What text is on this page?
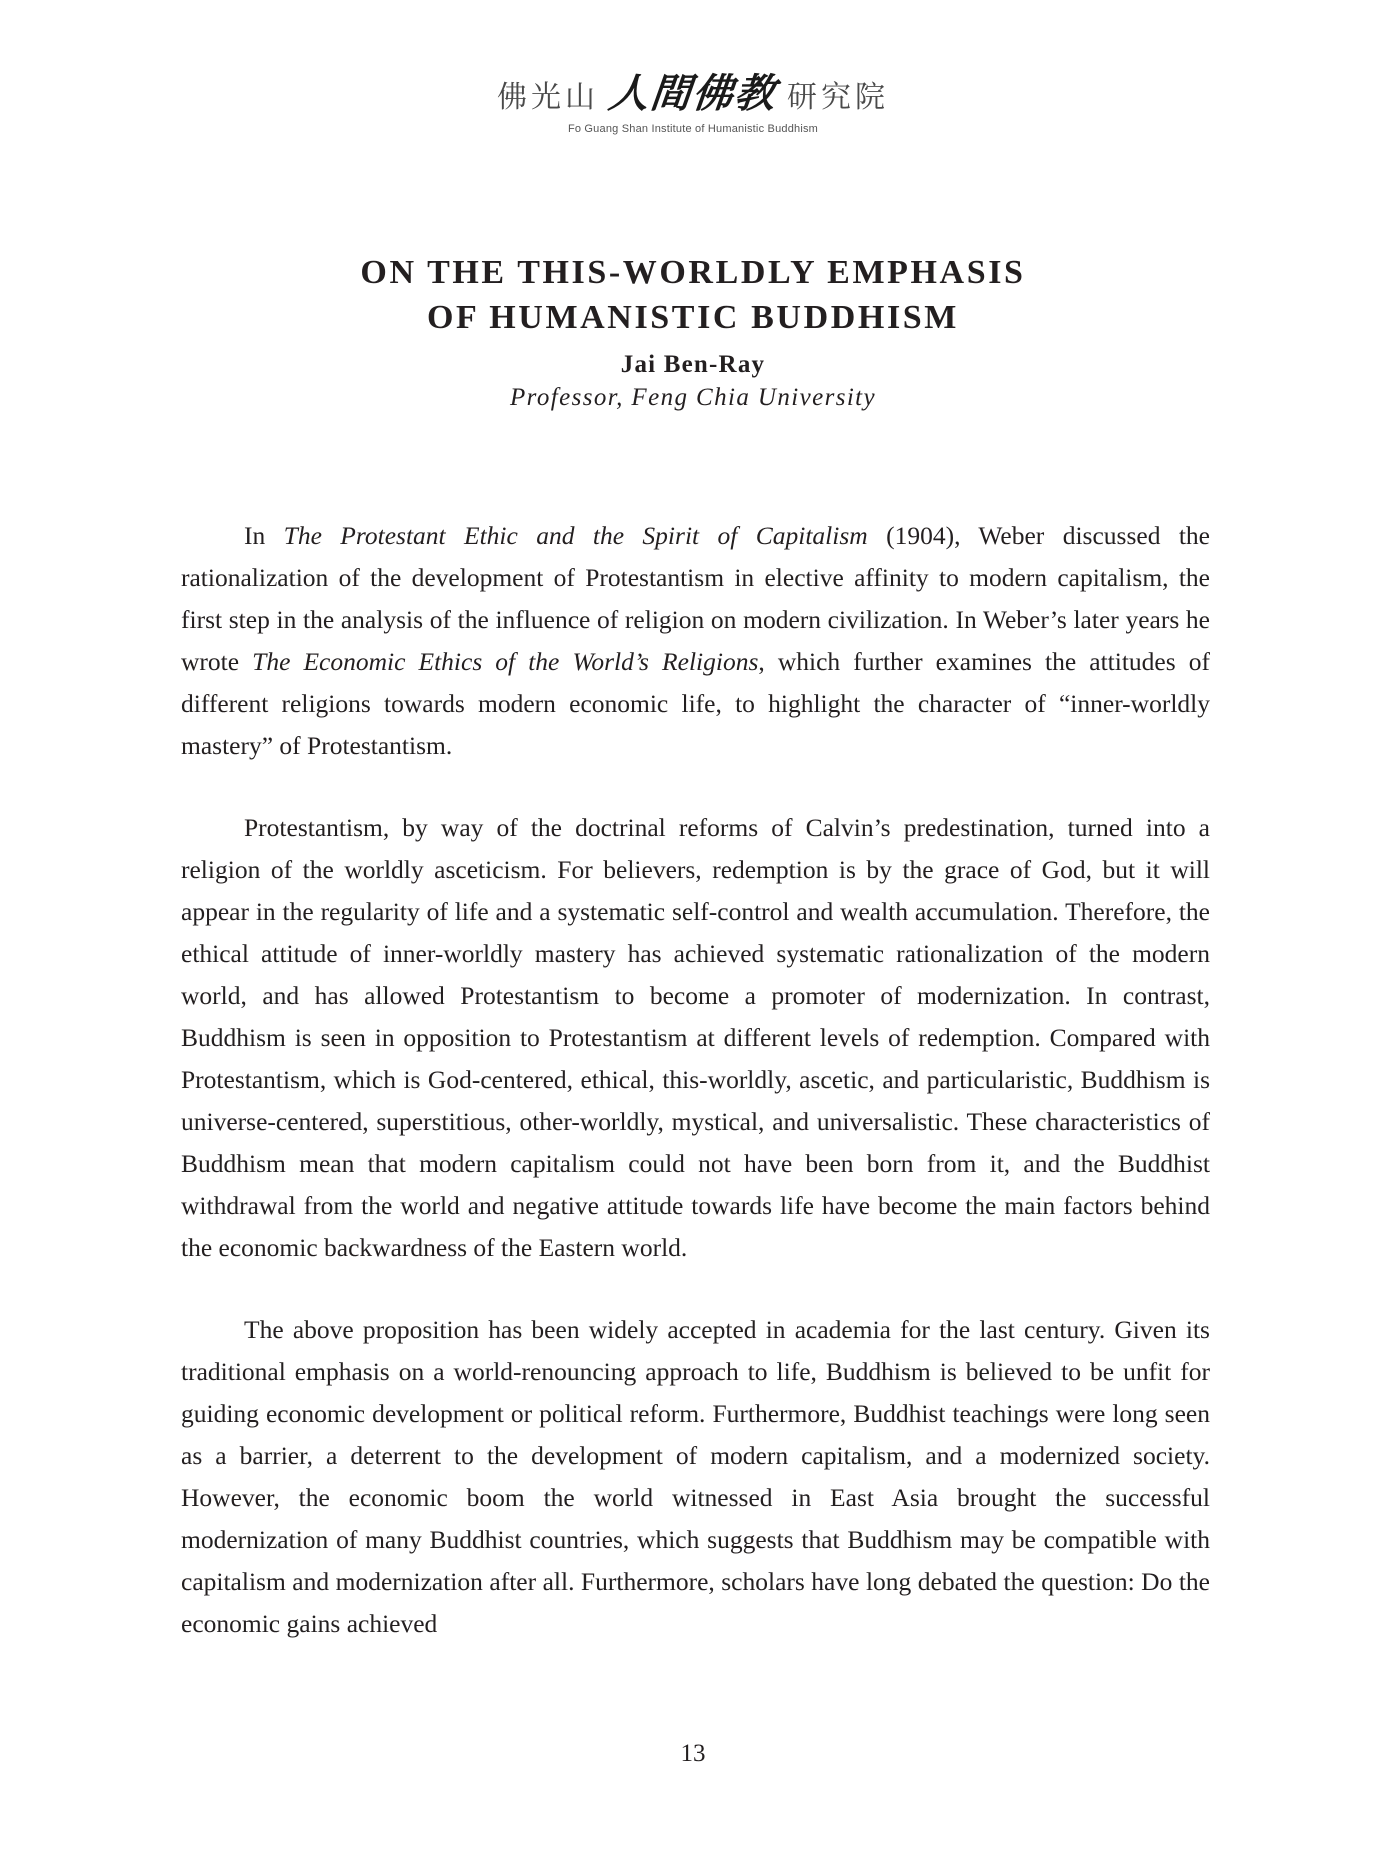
佛光山 人間佛教 研究院
Fo Guang Shan Institute of Humanistic Buddhism
ON THE THIS-WORLDLY EMPHASIS
OF HUMANISTIC BUDDHISM
Jai Ben-Ray
Professor, Feng Chia University

In The Protestant Ethic and the Spirit of Capitalism (1904), Weber discussed the rationalization of the development of Protestantism in elective affinity to modern capitalism, the first step in the analysis of the influence of religion on modern civilization. In Weber’s later years he wrote The Economic Ethics of the World’s Religions, which further examines the attitudes of different religions towards modern economic life, to highlight the character of “inner-worldly mastery” of Protestantism.

Protestantism, by way of the doctrinal reforms of Calvin’s predestination, turned into a religion of the worldly asceticism. For believers, redemption is by the grace of God, but it will appear in the regularity of life and a systematic self-control and wealth accumulation. Therefore, the ethical attitude of inner-worldly mastery has achieved systematic rationalization of the modern world, and has allowed Protestantism to become a promoter of modernization. In contrast, Buddhism is seen in opposition to Protestantism at different levels of redemption. Compared with Protestantism, which is God-centered, ethical, this-worldly, ascetic, and particularistic, Buddhism is universe-centered, superstitious, other-worldly, mystical, and universalistic. These characteristics of Buddhism mean that modern capitalism could not have been born from it, and the Buddhist withdrawal from the world and negative attitude towards life have become the main factors behind the economic backwardness of the Eastern world.

The above proposition has been widely accepted in academia for the last century. Given its traditional emphasis on a world-renouncing approach to life, Buddhism is believed to be unfit for guiding economic development or political reform. Furthermore, Buddhist teachings were long seen as a barrier, a deterrent to the development of modern capitalism, and a modernized society. However, the economic boom the world witnessed in East Asia brought the successful modernization of many Buddhist countries, which suggests that Buddhism may be compatible with capitalism and modernization after all. Furthermore, scholars have long debated the question: Do the economic gains achieved

13
